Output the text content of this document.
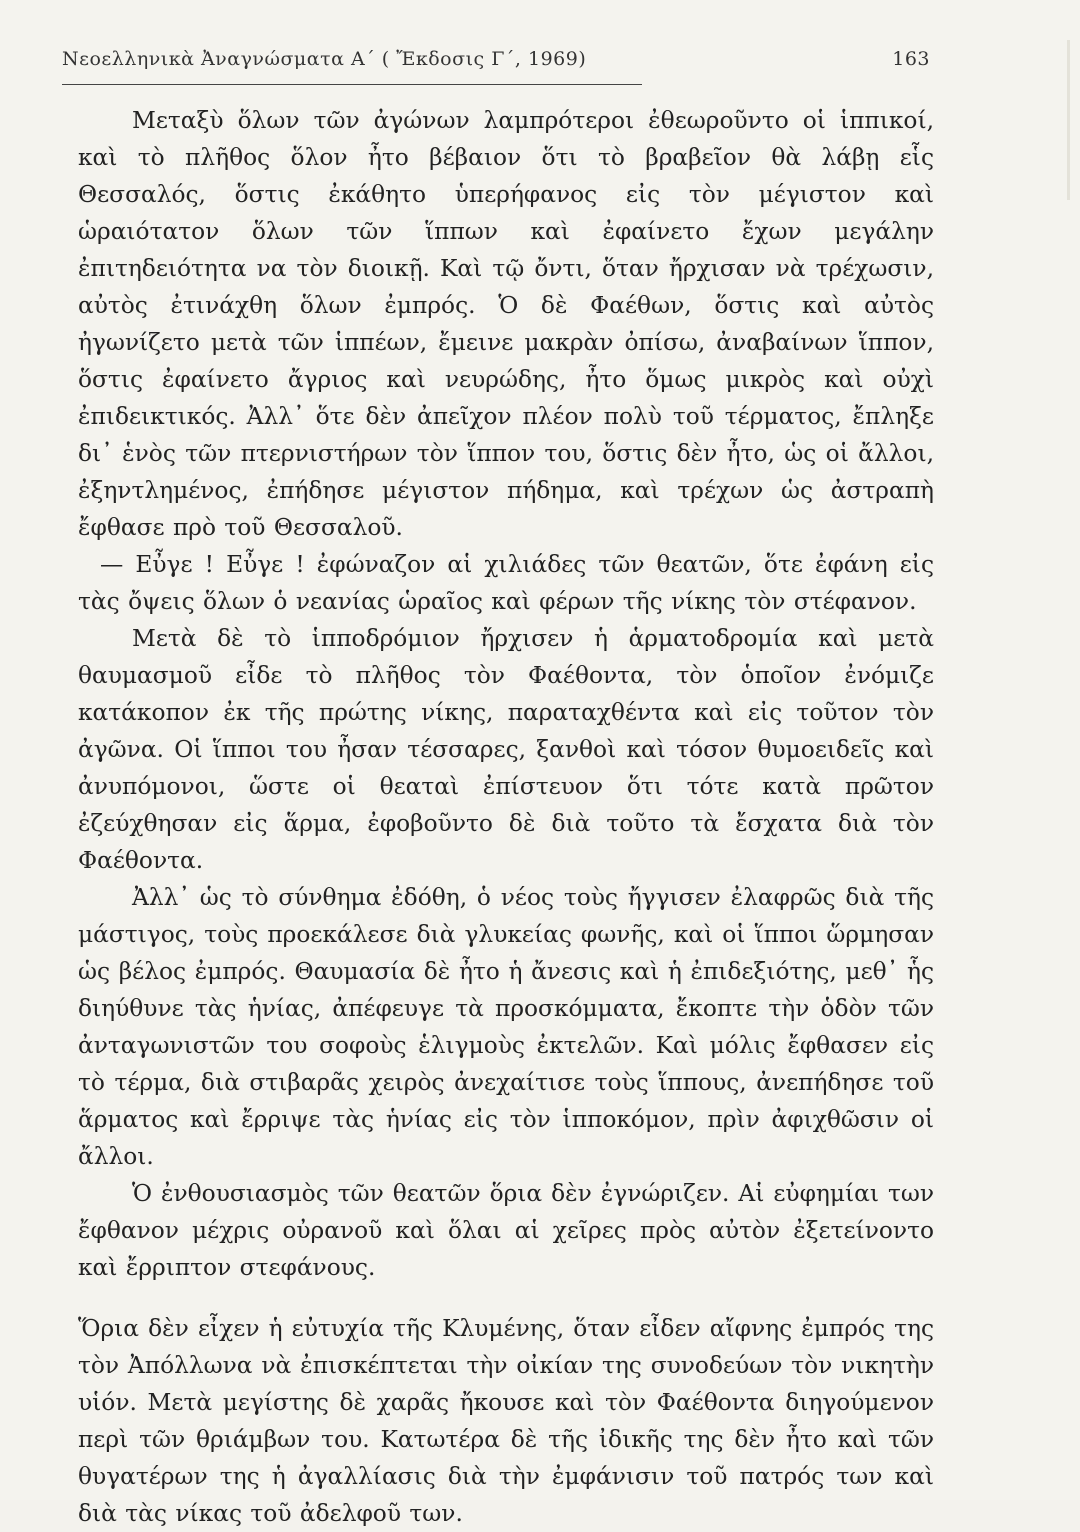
Νεοελληνικὰ Ἀναγνώσματα Α´ ( Ἔκδοσις Γ´, 1969)	163

Μεταξὺ ὅλων τῶν ἀγώνων λαμπρότεροι ἐθεωροῦντο οἱ ἱππικοί, καὶ τὸ πλῆθος ὅλον ἦτο βέβαιον ὅτι τὸ βραβεῖον θὰ λάβῃ εἷς Θεσσαλός, ὅστις ἐκάθητο ὑπερήφανος εἰς τὸν μέγιστον καὶ ὡραιότατον ὅλων τῶν ἵππων καὶ ἐφαίνετο ἔχων μεγάλην ἐπιτηδειότητα να τὸν διοικῇ. Καὶ τῷ ὄντι, ὅταν ἤρχισαν νὰ τρέχωσιν, αὐτὸς ἐτινάχθη ὅλων ἐμπρός. Ὁ δὲ Φαέθων, ὅστις καὶ αὐτὸς ἠγωνίζετο μετὰ τῶν ἱππέων, ἔμεινε μακρὰν ὀπίσω, ἀναβαίνων ἵππον, ὅστις ἐφαίνετο ἄγριος καὶ νευρώδης, ἦτο ὅμως μικρὸς καὶ οὐχὶ ἐπιδεικτικός. Ἀλλ᾽ ὅτε δὲν ἀπεῖχον πλέον πολὺ τοῦ τέρματος, ἔπληξε δι᾽ ἑνὸς τῶν πτερνιστήρων τὸν ἵππον του, ὅστις δὲν ἦτο, ὡς οἱ ἄλλοι, ἐξηντλημένος, ἐπήδησε μέγιστον πήδημα, καὶ τρέχων ὡς ἀστραπὴ ἔφθασε πρὸ τοῦ Θεσσαλοῦ.

— Εὖγε ! Εὖγε ! ἐφώναζον αἱ χιλιάδες τῶν θεατῶν, ὅτε ἐφάνη εἰς τὰς ὄψεις ὅλων ὁ νεανίας ὡραῖος καὶ φέρων τῆς νίκης τὸν στέφανον.

Μετὰ δὲ τὸ ἱπποδρόμιον ἤρχισεν ἡ ἁρματοδρομία καὶ μετὰ θαυμασμοῦ εἶδε τὸ πλῆθος τὸν Φαέθοντα, τὸν ὁποῖον ἐνόμιζε κατάκοπον ἐκ τῆς πρώτης νίκης, παραταχθέντα καὶ εἰς τοῦτον τὸν ἀγῶνα. Οἱ ἵπποι του ἦσαν τέσσαρες, ξανθοὶ καὶ τόσον θυμοειδεῖς καὶ ἀνυπόμονοι, ὥστε οἱ θεαταὶ ἐπίστευον ὅτι τότε κατὰ πρῶτον ἐζεύχθησαν εἰς ἅρμα, ἐφοβοῦντο δὲ διὰ τοῦτο τὰ ἔσχατα διὰ τὸν Φαέθοντα.

Ἀλλ᾽ ὡς τὸ σύνθημα ἐδόθη, ὁ νέος τοὺς ἤγγισεν ἐλαφρῶς διὰ τῆς μάστιγος, τοὺς προεκάλεσε διὰ γλυκείας φωνῆς, καὶ οἱ ἵπποι ὥρμησαν ὡς βέλος ἐμπρός. Θαυμασία δὲ ἦτο ἡ ἄνεσις καὶ ἡ ἐπιδεξιότης, μεθ᾽ ἧς διηύθυνε τὰς ἡνίας, ἀπέφευγε τὰ προσκόμματα, ἔκοπτε τὴν ὁδὸν τῶν ἀνταγωνιστῶν του σοφοὺς ἑλιγμοὺς ἐκτελῶν. Καὶ μόλις ἔφθασεν εἰς τὸ τέρμα, διὰ στιβαρᾶς χειρὸς ἀνεχαίτισε τοὺς ἵππους, ἀνεπήδησε τοῦ ἅρματος καὶ ἔρριψε τὰς ἡνίας εἰς τὸν ἱπποκόμον, πρὶν ἀφιχθῶσιν οἱ ἄλλοι.

Ὁ ἐνθουσιασμὸς τῶν θεατῶν ὅρια δὲν ἐγνώριζεν. Αἱ εὐφημίαι των ἔφθανον μέχρις οὐρανοῦ καὶ ὅλαι αἱ χεῖρες πρὸς αὐτὸν ἐξετείνοντο καὶ ἔρριπτον στεφάνους.

Ὅρια δὲν εἶχεν ἡ εὐτυχία τῆς Κλυμένης, ὅταν εἶδεν αἴφνης ἐμπρός της τὸν Ἀπόλλωνα νὰ ἐπισκέπτεται τὴν οἰκίαν της συνοδεύων τὸν νικητὴν υἱόν. Μετὰ μεγίστης δὲ χαρᾶς ἤκουσε καὶ τὸν Φαέθοντα διηγούμενον περὶ τῶν θριάμβων του. Κατωτέρα δὲ τῆς ἰδικῆς της δὲν ἦτο καὶ τῶν θυγατέρων της ἡ ἀγαλλίασις διὰ τὴν ἐμφάνισιν τοῦ πατρός των καὶ διὰ τὰς νίκας τοῦ ἀδελφοῦ των.
